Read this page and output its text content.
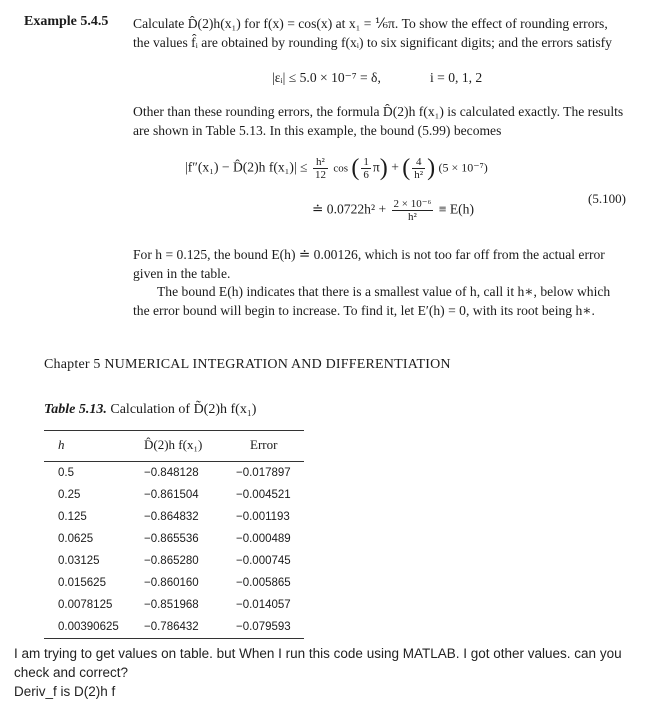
Example 5.4.5 Calculate D̂(2)h(x₁) for f(x) = cos(x) at x₁ = ⅙π. To show the effect of rounding errors,
the values f̂ᵢ are obtained by rounding f(xᵢ) to six significant digits; and the errors satisfy
|εᵢ| ≤ 5.0 × 10⁻⁷ = δ,	i = 0, 1, 2
Other than these rounding errors, the formula D̂(2)h f(x₁) is calculated exactly. The results
are shown in Table 5.13. In this example, the bound (5.99) becomes
|f″(x₁) − D̂(2)h $f(x_1)| \le \frac{\text{h²}}{12}$ cos ( $\frac{1}{6} \pi$) + ( $\frac{4}{\text{h²}}$ ) (5 × 10⁻⁷)
(5.100)
≐ $0.0722h^2 + \frac{\text{2 × 10⁻⁶}}{\text{h²}} \equiv E(h)$
For h = 0.125, the bound E(h) ≐ 0.00126, which is not too far off from the actual error
given in the table.
The bound E(h) indicates that there is a smallest value of h, call it h∗, below which
the error bound will begin to increase. To find it, let E′(h) = 0, with its root being h∗.
Chapter 5 NUMERICAL INTEGRATION AND DIFFERENTIATION
Table 5.13. Calculation of D̃(2)h f(x₁)
h	D̂(2)h f(x₁)	Error
0.5	−0.848128	−0.017897
0.25	−0.861504	−0.004521
0.125	−0.864832	−0.001193
0.0625	−0.865536	−0.000489
0.03125	−0.865280	−0.000745
0.015625	−0.860160	−0.005865
0.0078125	−0.851968	−0.014057
0.00390625	−0.786432	−0.079593
I am trying to get values on table. but When I run this code using MATLAB. I got other values. can you
check and correct?
Deriv_f is D(2)h f
